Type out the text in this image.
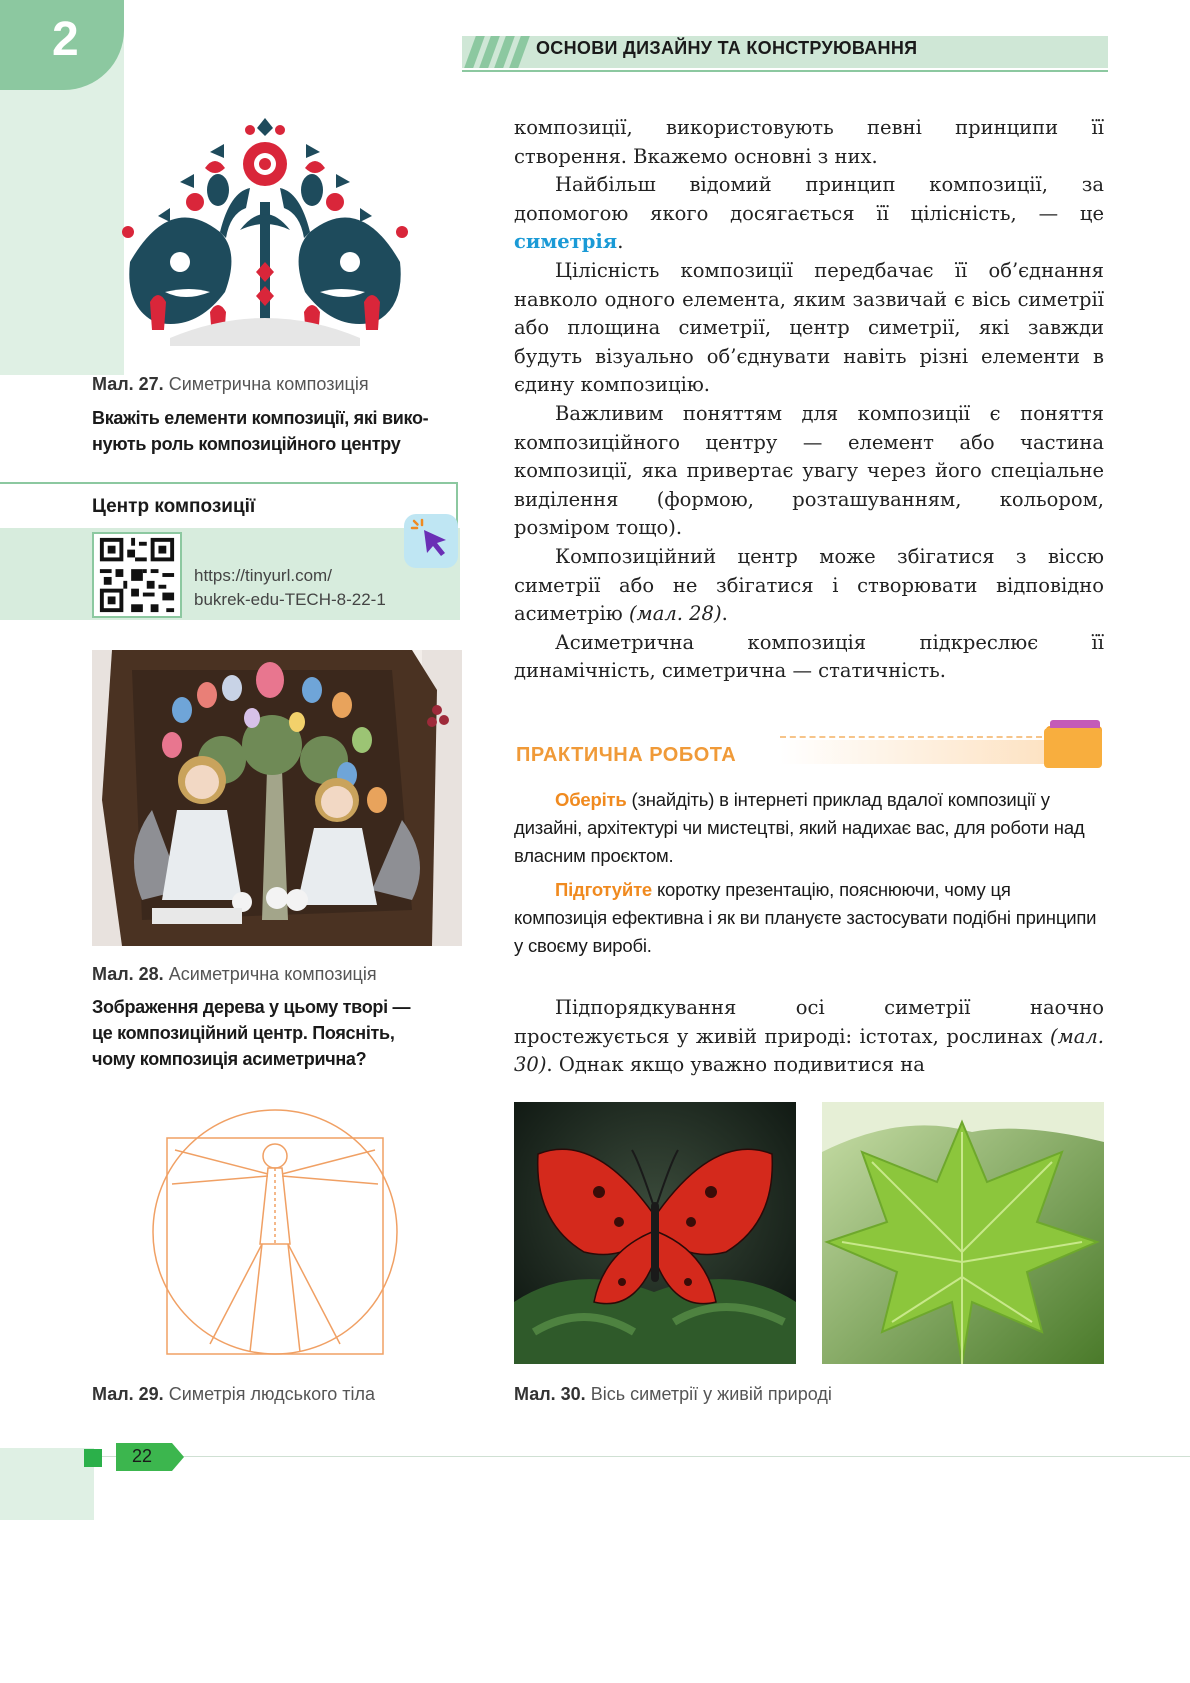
2	ОСНОВИ ДИЗАЙНУ ТА КОНСТРУЮВАННЯ
Мал. 27. Симетрична композиція
Вкажіть елементи композиції, які вико-
нують роль композиційного центру
Центр композиції
https://tinyurl.com/
bukrek-edu-TECH-8-22-1
Мал. 28. Асиметрична композиція
Зображення дерева у цьому творі —
це композиційний центр. Поясніть,
чому композиція асиметрична?
Мал. 29. Симетрія людського тіла

композиції, використовують певні принципи її створення. Вкажемо основні з них.

Найбільш відомий принцип композиції, за допомогою якого досягається її цілісність, — це симетрія.

Цілісність композиції передбачає її об’єднання навколо одного елемента, яким зазвичай є вісь симетрії або площина симетрії, центр симетрії, які завжди будуть візуально об’єднувати навіть різні елементи в єдину композицію.

Важливим поняттям для композиції є поняття композиційного центру — елемент або частина композиції, яка привертає увагу через його спеціальне виділення (формою, розташуванням, кольором, розміром тощо).

Композиційний центр може збігатися з віссю симетрії або не збігатися і створювати відповідно асиметрію (мал. 28).

Асиметрична композиція підкреслює її динамічність, симетрична — статичність.

ПРАКТИЧНА РОБОТА

Оберіть (знайдіть) в інтернеті приклад вдалої композиції у дизайні, архітектурі чи мистецтві, який надихає вас, для роботи над власним проєктом.

Підготуйте коротку презентацію, пояснюючи, чому ця композиція ефективна і як ви плануєте застосувати подібні принципи у своєму виробі.

Підпорядкування осі симетрії наочно простежується у живій природі: істотах, рослинах (мал. 30). Однак якщо уважно подивитися на

Мал. 30. Вісь симетрії у живій природі
22
